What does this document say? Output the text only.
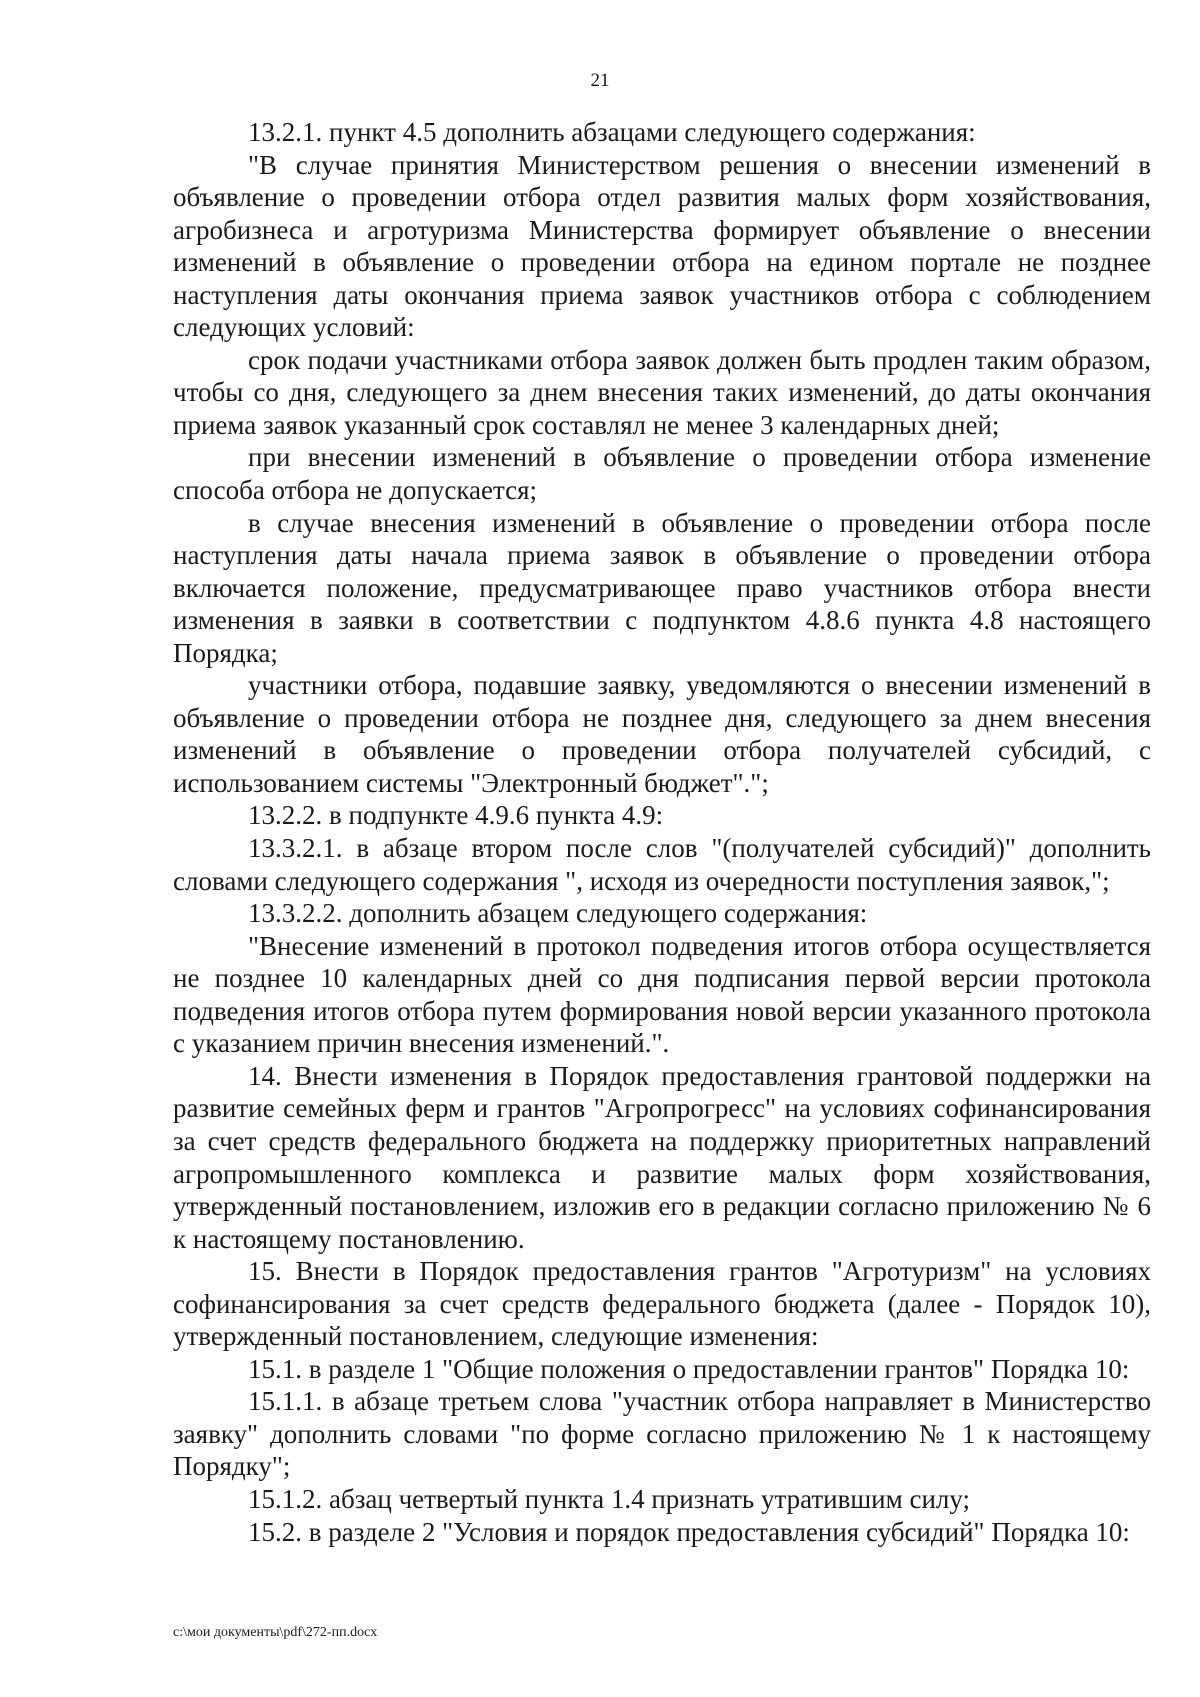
21

13.2.1. пункт 4.5 дополнить абзацами следующего содержания:

"В случае принятия Министерством решения о внесении изменений в объявление о проведении отбора отдел развития малых форм хозяйствования, агробизнеса и агротуризма Министерства формирует объявление о внесении изменений в объявление о проведении отбора на едином портале не позднее наступления даты окончания приема заявок участников отбора с соблюдением следующих условий:

срок подачи участниками отбора заявок должен быть продлен таким образом, чтобы со дня, следующего за днем внесения таких изменений, до даты окончания приема заявок указанный срок составлял не менее 3 календарных дней;

при внесении изменений в объявление о проведении отбора изменение способа отбора не допускается;

в случае внесения изменений в объявление о проведении отбора после наступления даты начала приема заявок в объявление о проведении отбора включается положение, предусматривающее право участников отбора внести изменения в заявки в соответствии с подпунктом 4.8.6 пункта 4.8 настоящего Порядка;

участники отбора, подавшие заявку, уведомляются о внесении изменений в объявление о проведении отбора не позднее дня, следующего за днем внесения изменений в объявление о проведении отбора получателей субсидий, с использованием системы "Электронный бюджет".";

13.2.2. в подпункте 4.9.6 пункта 4.9:

13.3.2.1. в абзаце втором после слов "(получателей субсидий)" дополнить словами следующего содержания ", исходя из очередности поступления заявок,";

13.3.2.2. дополнить абзацем следующего содержания:

"Внесение изменений в протокол подведения итогов отбора осуществляется не позднее 10 календарных дней со дня подписания первой версии протокола подведения итогов отбора путем формирования новой версии указанного протокола с указанием причин внесения изменений.".

14. Внести изменения в Порядок предоставления грантовой поддержки на развитие семейных ферм и грантов "Агропрогресс" на условиях софинансирования за счет средств федерального бюджета на поддержку приоритетных направлений агропромышленного комплекса и развитие малых форм хозяйствования, утвержденный постановлением, изложив его в редакции согласно приложению № 6 к настоящему постановлению.

15. Внести в Порядок предоставления грантов "Агротуризм" на условиях софинансирования за счет средств федерального бюджета (далее - Порядок 10), утвержденный постановлением, следующие изменения:

15.1. в разделе 1 "Общие положения о предоставлении грантов" Порядка 10:

15.1.1. в абзаце третьем слова "участник отбора направляет в Министерство заявку" дополнить словами "по форме согласно приложению № 1 к настоящему Порядку";

15.1.2. абзац четвертый пункта 1.4 признать утратившим силу;

15.2. в разделе 2 "Условия и порядок предоставления субсидий" Порядка 10:

c:\мои документы\pdf\272-пп.docx
